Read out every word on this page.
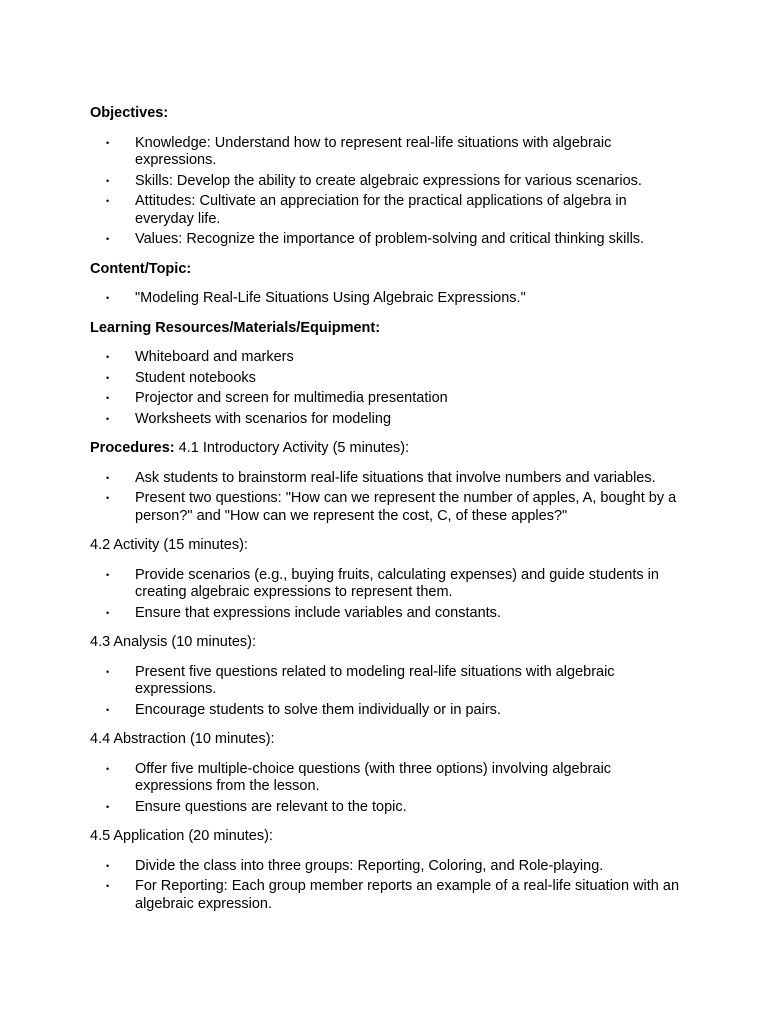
Objectives:
• Knowledge: Understand how to represent real-life situations with algebraic expressions.
• Skills: Develop the ability to create algebraic expressions for various scenarios.
• Attitudes: Cultivate an appreciation for the practical applications of algebra in everyday life.
• Values: Recognize the importance of problem-solving and critical thinking skills.
Content/Topic:
• "Modeling Real-Life Situations Using Algebraic Expressions."
Learning Resources/Materials/Equipment:
• Whiteboard and markers
• Student notebooks
• Projector and screen for multimedia presentation
• Worksheets with scenarios for modeling
Procedures: 4.1 Introductory Activity (5 minutes):
• Ask students to brainstorm real-life situations that involve numbers and variables.
• Present two questions: "How can we represent the number of apples, A, bought by a person?" and "How can we represent the cost, C, of these apples?"
4.2 Activity (15 minutes):
• Provide scenarios (e.g., buying fruits, calculating expenses) and guide students in creating algebraic expressions to represent them.
• Ensure that expressions include variables and constants.
4.3 Analysis (10 minutes):
• Present five questions related to modeling real-life situations with algebraic expressions.
• Encourage students to solve them individually or in pairs.
4.4 Abstraction (10 minutes):
• Offer five multiple-choice questions (with three options) involving algebraic expressions from the lesson.
• Ensure questions are relevant to the topic.
4.5 Application (20 minutes):
• Divide the class into three groups: Reporting, Coloring, and Role-playing.
• For Reporting: Each group member reports an example of a real-life situation with an algebraic expression.
